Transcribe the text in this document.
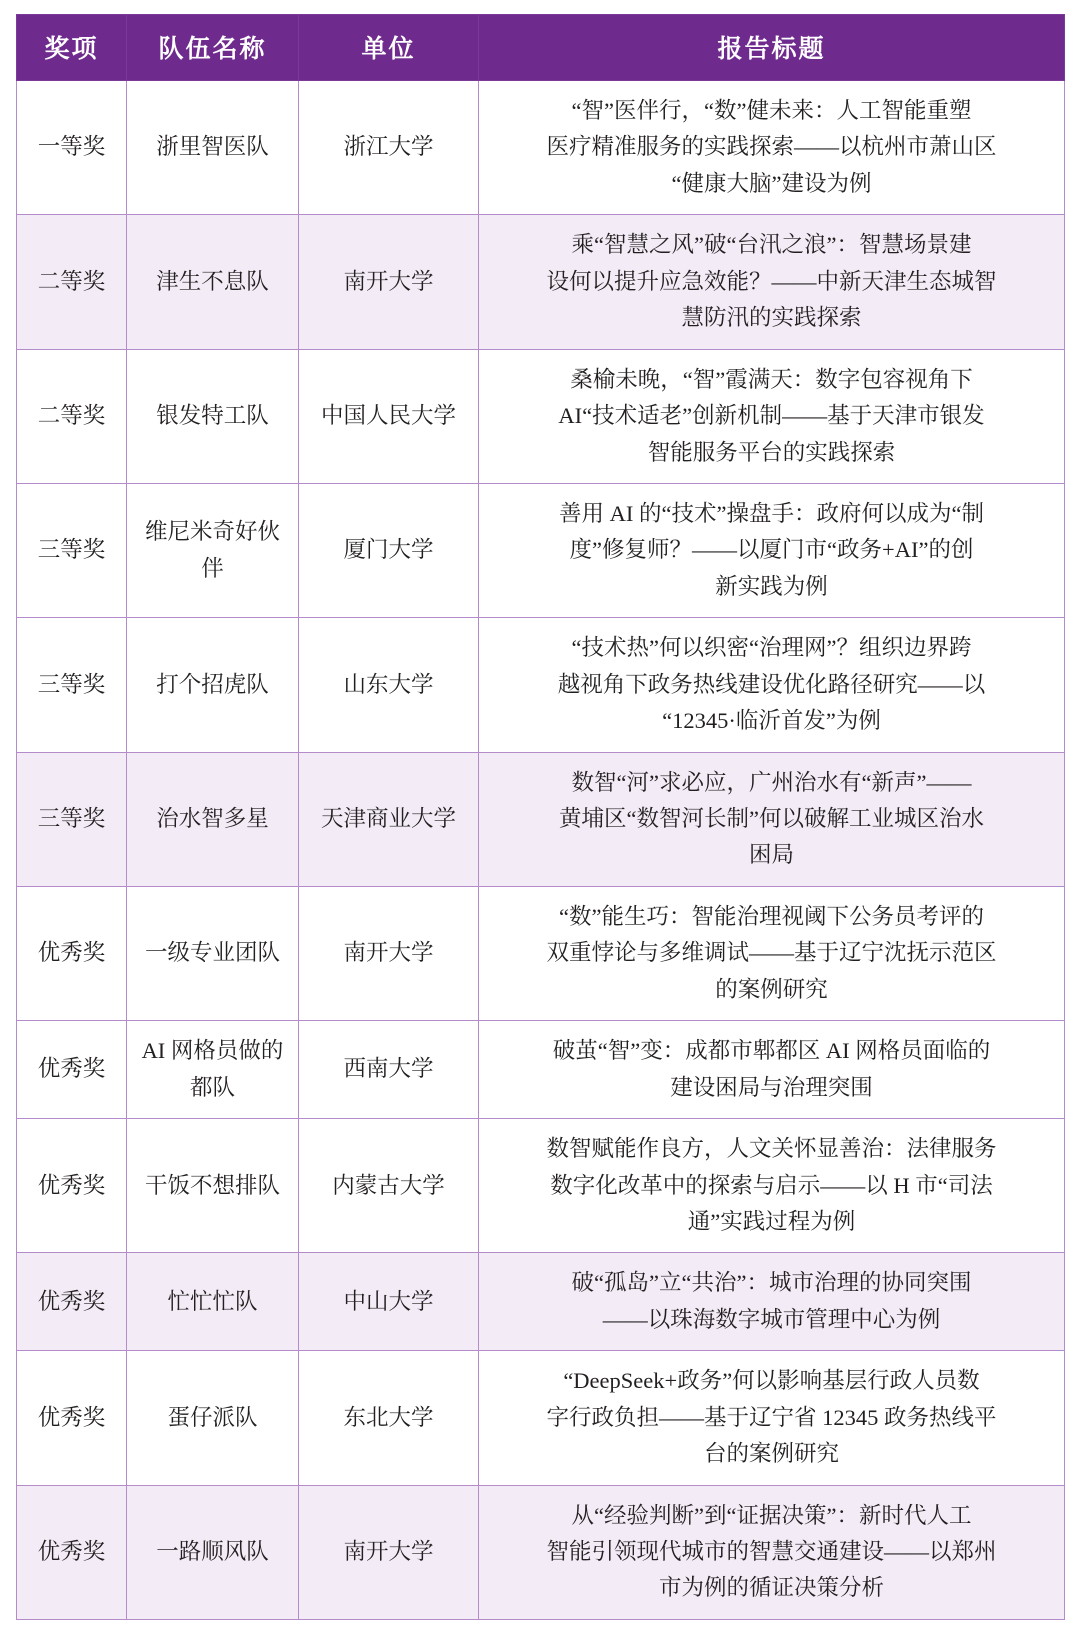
奖项	队伍名称	单位	报告标题
一等奖	浙里智医队	浙江大学	“智”医伴行，“数”健未来：人工智能重塑
医疗精准服务的实践探索——以杭州市萧山区
“健康大脑”建设为例

二等奖	津生不息队	南开大学	乘“智慧之风”破“台汛之浪”：智慧场景建
设何以提升应急效能？——中新天津生态城智
慧防汛的实践探索

二等奖	银发特工队	中国人民大学	桑榆未晚，“智”霞满天：数字包容视角下
AI“技术适老”创新机制——基于天津市银发
智能服务平台的实践探索

三等奖	维尼米奇好伙伴	厦门大学	善用 AI 的“技术”操盘手：政府何以成为“制
度”修复师？——以厦门市“政务+AI”的创
新实践为例

三等奖	打个招虎队	山东大学	“技术热”何以织密“治理网”？组织边界跨
越视角下政务热线建设优化路径研究——以
“12345·临沂首发”为例

三等奖	治水智多星	天津商业大学	数智“河”求必应，广州治水有“新声”——
黄埔区“数智河长制”何以破解工业城区治水
困局

优秀奖	一级专业团队	南开大学	“数”能生巧：智能治理视阈下公务员考评的
双重悖论与多维调试——基于辽宁沈抚示范区
的案例研究

优秀奖	AI 网格员做的都队	西南大学	破茧“智”变：成都市郫都区 AI 网格员面临的
建设困局与治理突围

优秀奖	干饭不想排队	内蒙古大学	数智赋能作良方，人文关怀显善治：法律服务
数字化改革中的探索与启示——以 H 市“司法
通”实践过程为例

优秀奖	忙忙忙队	中山大学	破“孤岛”立“共治”：城市治理的协同突围
——以珠海数字城市管理中心为例

优秀奖	蛋仔派队	东北大学	“DeepSeek+政务”何以影响基层行政人员数
字行政负担——基于辽宁省 12345 政务热线平
台的案例研究

优秀奖	一路顺风队	南开大学	从“经验判断”到“证据决策”：新时代人工
智能引领现代城市的智慧交通建设——以郑州
市为例的循证决策分析
